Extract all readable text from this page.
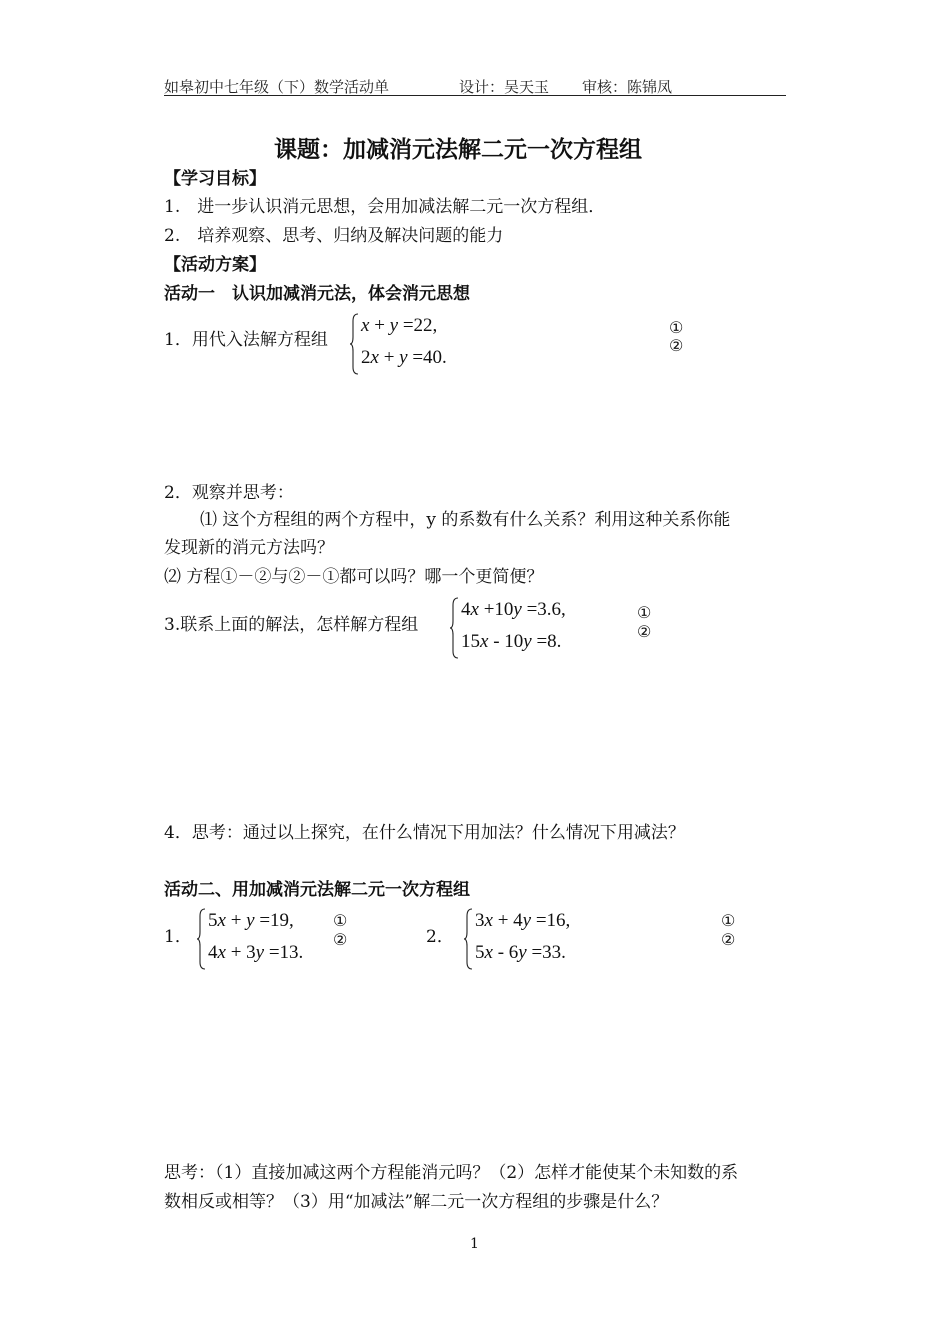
如皋初中七年级（下）数学活动单	设计：吴天玉 审核：陈锦凤
课题：加减消元法解二元一次方程组
【学习目标】
1.　进一步认识消元思想，会用加减法解二元一次方程组．
2.　培养观察、思考、归纳及解决问题的能力
【活动方案】
活动一　认识加减消元法，体会消元思想
1．用代入法解方程组
x + y =22,
2x + y =40.
①
②
2．观察并思考：
⑴ 这个方程组的两个方程中，y 的系数有什么关系？利用这种关系你能
发现新的消元方法吗？
⑵ 方程①－②与②－①都可以吗？哪一个更简便？
3.联系上面的解法，怎样解方程组
4x +10y =3.6,
15x - 10y =8.
①
②
4．思考：通过以上探究，在什么情况下用加法？什么情况下用减法？
活动二、用加减消元法解二元一次方程组
1．
5x + y =19,
4x + 3y =13.
①
②	2．
3x + 4y =16,
5x - 6y =33.
①
②
思考：（1）直接加减这两个方程能消元吗？（2）怎样才能使某个未知数的系
数相反或相等？（3）用“加减法”解二元一次方程组的步骤是什么？
1
